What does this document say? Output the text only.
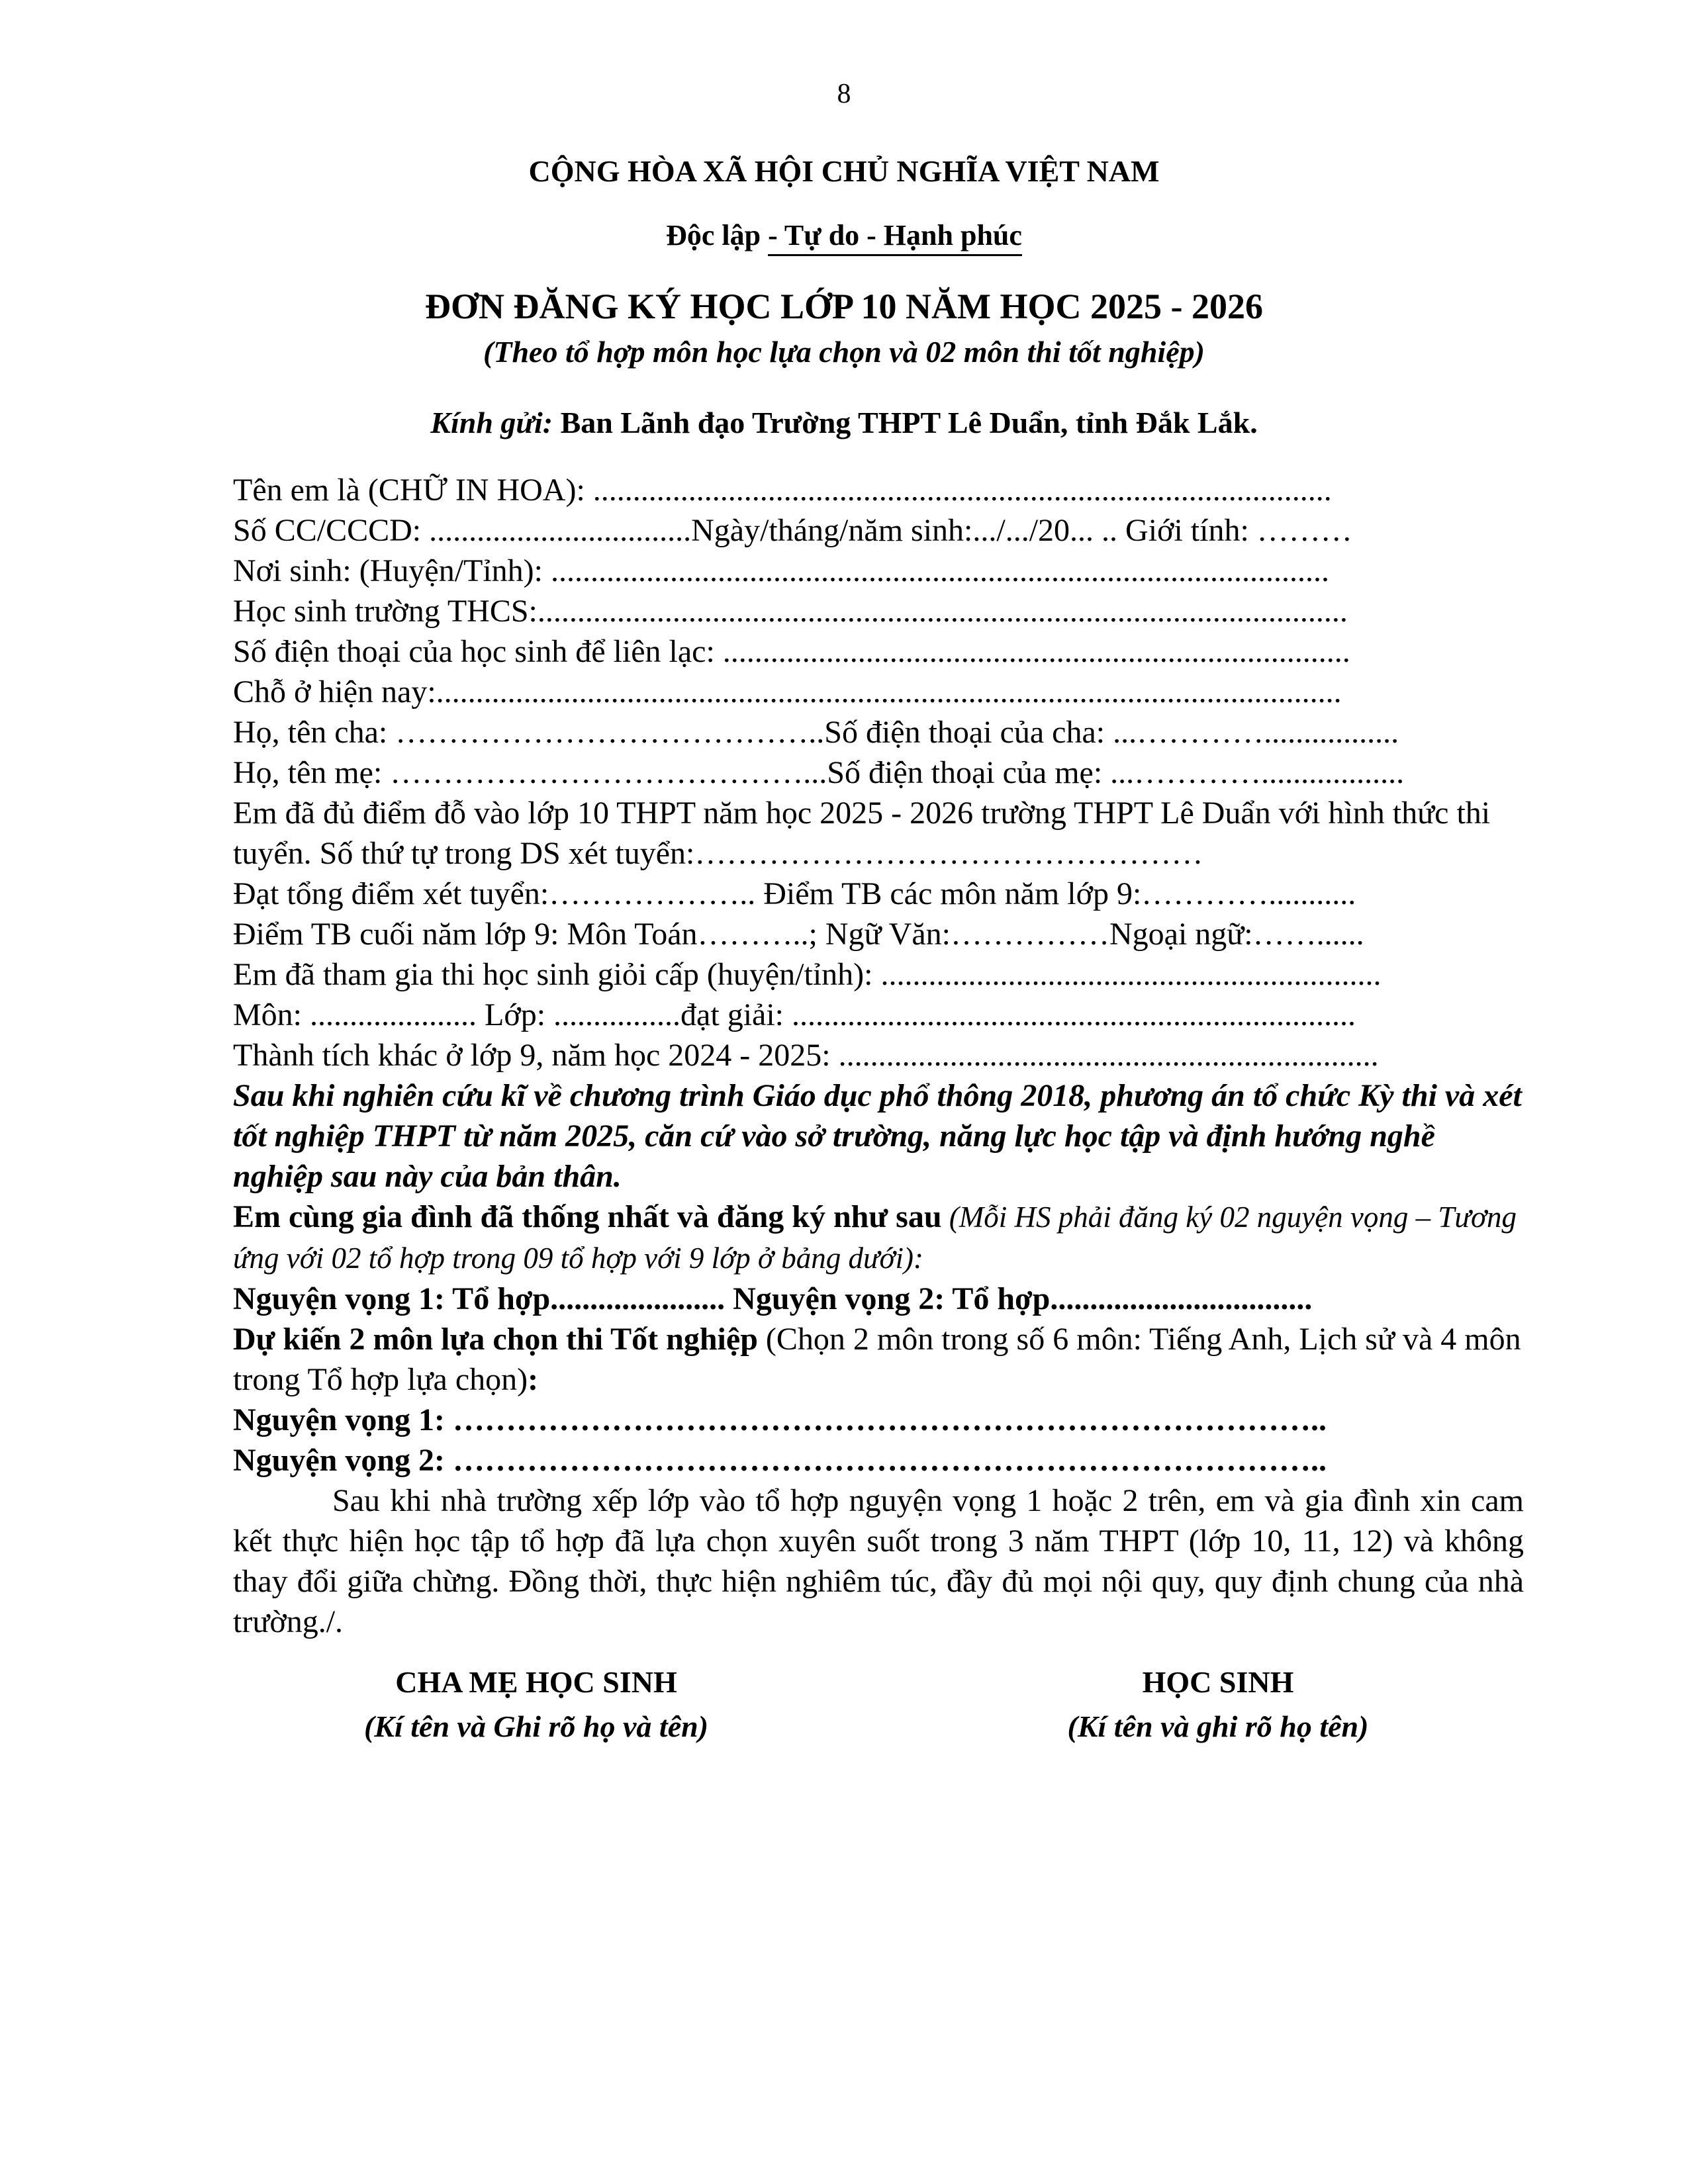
8
CỘNG HÒA XÃ HỘI CHỦ NGHĨA VIỆT NAM
Độc lập - Tự do - Hạnh phúc
ĐƠN ĐĂNG KÝ HỌC LỚP 10 NĂM HỌC 2025 - 2026
(Theo tổ hợp môn học lựa chọn và 02 môn thi tốt nghiệp)
Kính gửi: Ban Lãnh đạo Trường THPT Lê Duẩn, tỉnh Đắk Lắk.
Tên em là (CHỮ IN HOA): .............................................................................................
Số CC/CCCD: .................................Ngày/tháng/năm sinh:.../.../20... .. Giới tính: ………
Nơi sinh: (Huyện/Tỉnh): ..................................................................................................
Học sinh trường THCS:......................................................................................................
Số điện thoại của học sinh để liên lạc: ...............................................................................
Chỗ ở hiện nay:..................................................................................................................
Họ, tên cha: …………………………………..Số điện thoại của cha: ...………….................
Họ, tên mẹ: …………………………………...Số điện thoại của mẹ: ...…………..................
Em đã đủ điểm đỗ vào lớp 10 THPT năm học 2025 - 2026 trường THPT Lê Duẩn với hình thức thi tuyển. Số thứ tự trong DS xét tuyển:…………………………………………
Đạt tổng điểm xét tuyển:……………….. Điểm TB các môn năm lớp 9:…………...........
Điểm TB cuối năm lớp 9: Môn Toán………..; Ngữ Văn:……………Ngoại ngữ:……......
Em đã tham gia thi học sinh giỏi cấp (huyện/tỉnh): ...............................................................
Môn: ..................... Lớp: ................đạt giải: .......................................................................
Thành tích khác ở lớp 9, năm học 2024 - 2025: ....................................................................
Sau khi nghiên cứu kĩ về chương trình Giáo dục phổ thông 2018, phương án tổ chức Kỳ thi và xét tốt nghiệp THPT từ năm 2025, căn cứ vào sở trường, năng lực học tập và định hướng nghề nghiệp sau này của bản thân.
Em cùng gia đình đã thống nhất và đăng ký như sau (Mỗi HS phải đăng ký 02 nguyện vọng – Tương ứng với 02 tổ hợp trong 09 tổ hợp với 9 lớp ở bảng dưới):
Nguyện vọng 1: Tổ hợp...................... Nguyện vọng 2: Tổ hợp.................................
Dự kiến 2 môn lựa chọn thi Tốt nghiệp (Chọn 2 môn trong số 6 môn: Tiếng Anh, Lịch sử và 4 môn trong Tổ hợp lựa chọn):
Nguyện vọng 1: ………………………………………………………………………..
Nguyện vọng 2: ………………………………………………………………………..
Sau khi nhà trường xếp lớp vào tổ hợp nguyện vọng 1 hoặc 2 trên, em và gia đình xin cam kết thực hiện học tập tổ hợp đã lựa chọn xuyên suốt trong 3 năm THPT (lớp 10, 11, 12) và không thay đổi giữa chừng. Đồng thời, thực hiện nghiêm túc, đầy đủ mọi nội quy, quy định chung của nhà trường./.
CHA MẸ HỌC SINH
(Kí tên và Ghi rõ họ và tên)
HỌC SINH
(Kí tên và ghi rõ họ tên)
